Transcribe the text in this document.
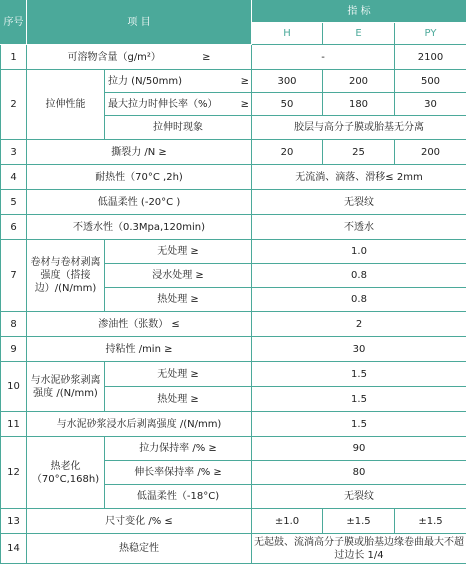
序号	项 目		指 标		
			H	E	PY
1	可溶物含量（g/m²） ≥		-		2100
2	拉伸性能	拉力 (N/50mm) ≥	300	200	500
		最大拉力时伸长率（%） ≥	50	180	30
		拉伸时现象	胶层与高分子膜或胎基无分离		
3	撕裂力 /N ≥		20	25	200
4	耐热性（70°C ,2h)		无流淌、滴落、滑移≤ 2mm		
5	低温柔性 (-20°C )		无裂纹		
6	不透水性（0.3Mpa,120min)		不透水		
7	卷材与卷材剥离强度（搭接边）/(N/mm)	无处理 ≥	1.0		
		浸水处理 ≥	0.8		
		热处理 ≥	0.8		
8	渗油性（张数） ≤		2		
9	持粘性 /min ≥		30		
10	与水泥砂浆剥离强度 /(N/mm)	无处理 ≥	1.5		
		热处理 ≥	1.5		
11	与水泥砂浆浸水后剥离强度 /(N/mm)		1.5		
12	热老化（70°C,168h)	拉力保持率 /% ≥	90		
		伸长率保持率 /% ≥	80		
		低温柔性（-18°C)	无裂纹		
13	尺寸变化 /% ≤		±1.0	±1.5	±1.5
14	热稳定性		无起鼓、流淌高分子膜或胎基边缘卷曲最大不超过边长 1/4		
